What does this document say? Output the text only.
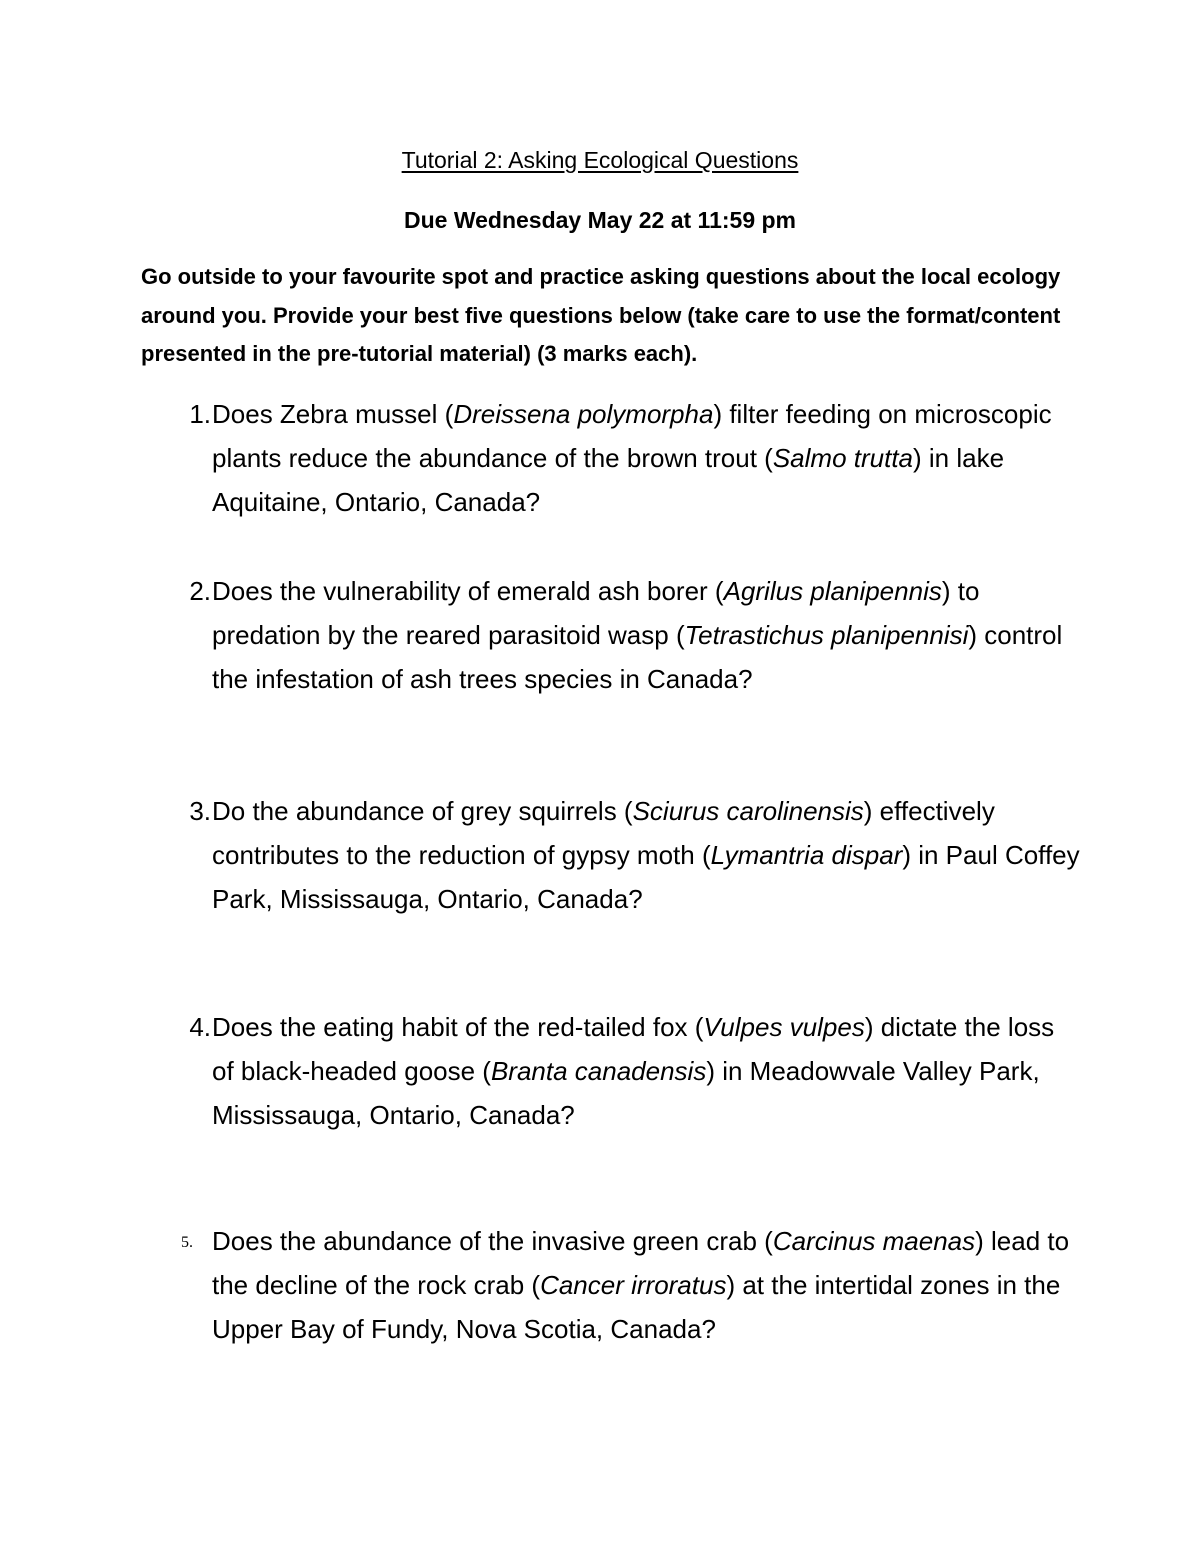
Tutorial 2: Asking Ecological Questions
Due Wednesday May 22 at 11:59 pm
Go outside to your favourite spot and practice asking questions about the local ecology around you. Provide your best five questions below (take care to use the format/content presented in the pre-tutorial material) (3 marks each).
1. Does Zebra mussel (Dreissena polymorpha) filter feeding on microscopic plants reduce the abundance of the brown trout (Salmo trutta) in lake Aquitaine, Ontario, Canada?
2. Does the vulnerability of emerald ash borer (Agrilus planipennis) to predation by the reared parasitoid wasp (Tetrastichus planipennisi) control the infestation of ash trees species in Canada?
3. Do the abundance of grey squirrels (Sciurus carolinensis) effectively contributes to the reduction of gypsy moth (Lymantria dispar) in Paul Coffey Park, Mississauga, Ontario, Canada?
4. Does the eating habit of the red-tailed fox (Vulpes vulpes) dictate the loss of black-headed goose (Branta canadensis) in Meadowvale Valley Park, Mississauga, Ontario, Canada?
5. Does the abundance of the invasive green crab (Carcinus maenas) lead to the decline of the rock crab (Cancer irroratus) at the intertidal zones in the Upper Bay of Fundy, Nova Scotia, Canada?
